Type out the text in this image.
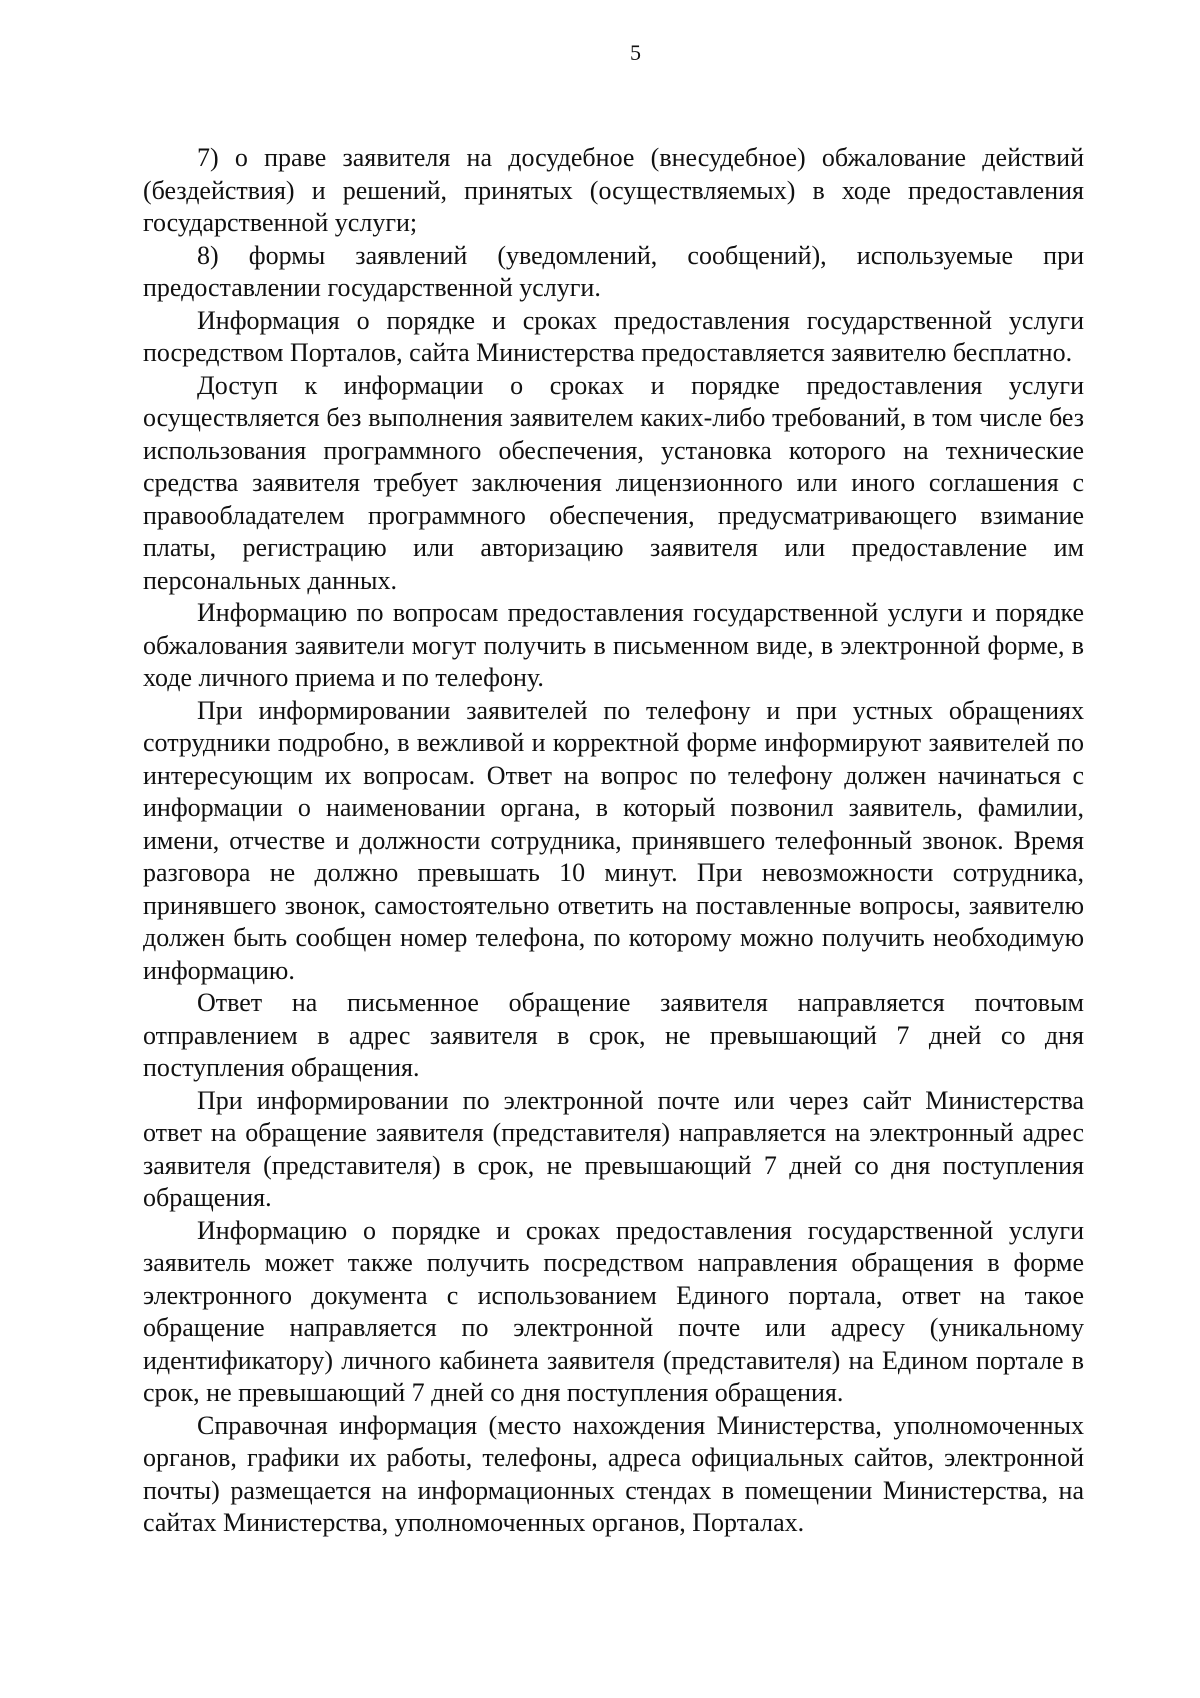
5

7) о праве заявителя на досудебное (внесудебное) обжалование действий (бездействия) и решений, принятых (осуществляемых) в ходе предоставления государственной услуги;

8) формы заявлений (уведомлений, сообщений), используемые при предоставлении государственной услуги.

Информация о порядке и сроках предоставления государственной услуги посредством Порталов, сайта Министерства предоставляется заявителю бесплатно.

Доступ к информации о сроках и порядке предоставления услуги осуществляется без выполнения заявителем каких-либо требований, в том числе без использования программного обеспечения, установка которого на технические средства заявителя требует заключения лицензионного или иного соглашения с правообладателем программного обеспечения, предусматривающего взимание платы, регистрацию или авторизацию заявителя или предоставление им персональных данных.

Информацию по вопросам предоставления государственной услуги и порядке обжалования заявители могут получить в письменном виде, в электронной форме, в ходе личного приема и по телефону.

При информировании заявителей по телефону и при устных обращениях сотрудники подробно, в вежливой и корректной форме информируют заявителей по интересующим их вопросам. Ответ на вопрос по телефону должен начинаться с информации о наименовании органа, в который позвонил заявитель, фамилии, имени, отчестве и должности сотрудника, принявшего телефонный звонок. Время разговора не должно превышать 10 минут. При невозможности сотрудника, принявшего звонок, самостоятельно ответить на поставленные вопросы, заявителю должен быть сообщен номер телефона, по которому можно получить необходимую информацию.

Ответ на письменное обращение заявителя направляется почтовым отправлением в адрес заявителя в срок, не превышающий 7 дней со дня поступления обращения.

При информировании по электронной почте или через сайт Министерства ответ на обращение заявителя (представителя) направляется на электронный адрес заявителя (представителя) в срок, не превышающий 7 дней со дня поступления обращения.

Информацию о порядке и сроках предоставления государственной услуги заявитель может также получить посредством направления обращения в форме электронного документа с использованием Единого портала, ответ на такое обращение направляется по электронной почте или адресу (уникальному идентификатору) личного кабинета заявителя (представителя) на Едином портале в срок, не превышающий 7 дней со дня поступления обращения.

Справочная информация (место нахождения Министерства, уполномоченных органов, графики их работы, телефоны, адреса официальных сайтов, электронной почты) размещается на информационных стендах в помещении Министерства, на сайтах Министерства, уполномоченных органов, Порталах.
